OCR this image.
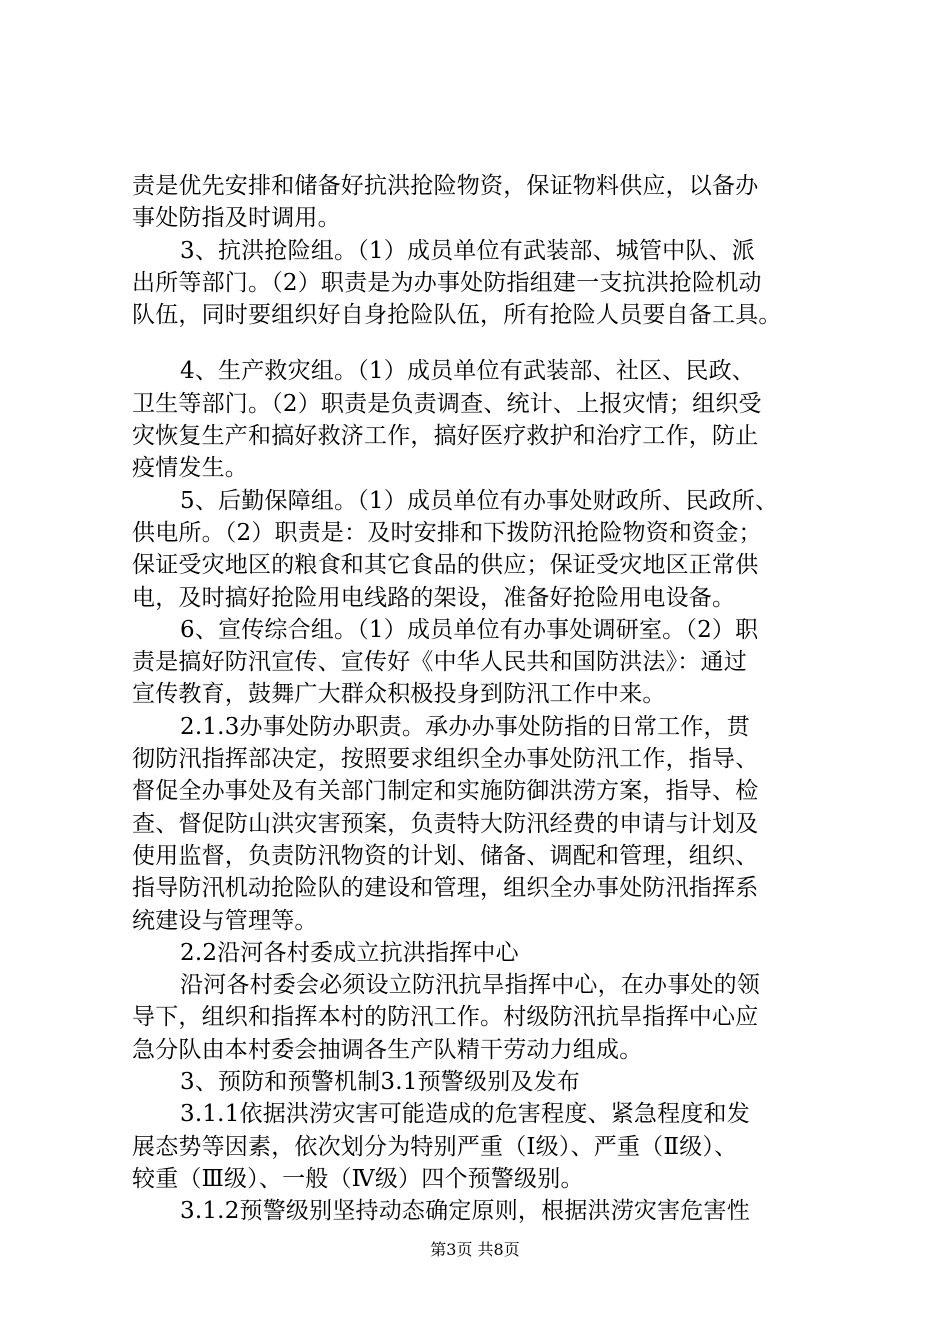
责是优先安排和储备好抗洪抢险物资，保证物料供应，以备办
事处防指及时调用。
3、抗洪抢险组。（1）成员单位有武装部、城管中队、派
出所等部门。（2）职责是为办事处防指组建一支抗洪抢险机动
队伍，同时要组织好自身抢险队伍，所有抢险人员要自备工具。
4、生产救灾组。（1）成员单位有武装部、社区、民政、
卫生等部门。（2）职责是负责调查、统计、上报灾情；组织受
灾恢复生产和搞好救济工作，搞好医疗救护和治疗工作，防止
疫情发生。
5、后勤保障组。（1）成员单位有办事处财政所、民政所、
供电所。（2）职责是：及时安排和下拨防汛抢险物资和资金；
保证受灾地区的粮食和其它食品的供应；保证受灾地区正常供
电，及时搞好抢险用电线路的架设，准备好抢险用电设备。
6、宣传综合组。（1）成员单位有办事处调研室。（2）职
责是搞好防汛宣传、宣传好《中华人民共和国防洪法》：通过
宣传教育，鼓舞广大群众积极投身到防汛工作中来。
2.1.3办事处防办职责。承办办事处防指的日常工作，贯
彻防汛指挥部决定，按照要求组织全办事处防汛工作，指导、
督促全办事处及有关部门制定和实施防御洪涝方案，指导、检
查、督促防山洪灾害预案，负责特大防汛经费的申请与计划及
使用监督，负责防汛物资的计划、储备、调配和管理，组织、
指导防汛机动抢险队的建设和管理，组织全办事处防汛指挥系
统建设与管理等。
2.2沿河各村委成立抗洪指挥中心
沿河各村委会必须设立防汛抗旱指挥中心，在办事处的领
导下，组织和指挥本村的防汛工作。村级防汛抗旱指挥中心应
急分队由本村委会抽调各生产队精干劳动力组成。
3、预防和预警机制3.1预警级别及发布
3.1.1依据洪涝灾害可能造成的危害程度、紧急程度和发
展态势等因素，依次划分为特别严重（Ⅰ级）、严重（Ⅱ级）、
较重（Ⅲ级）、一般（Ⅳ级）四个预警级别。
3.1.2预警级别坚持动态确定原则，根据洪涝灾害危害性
第3页 共8页
